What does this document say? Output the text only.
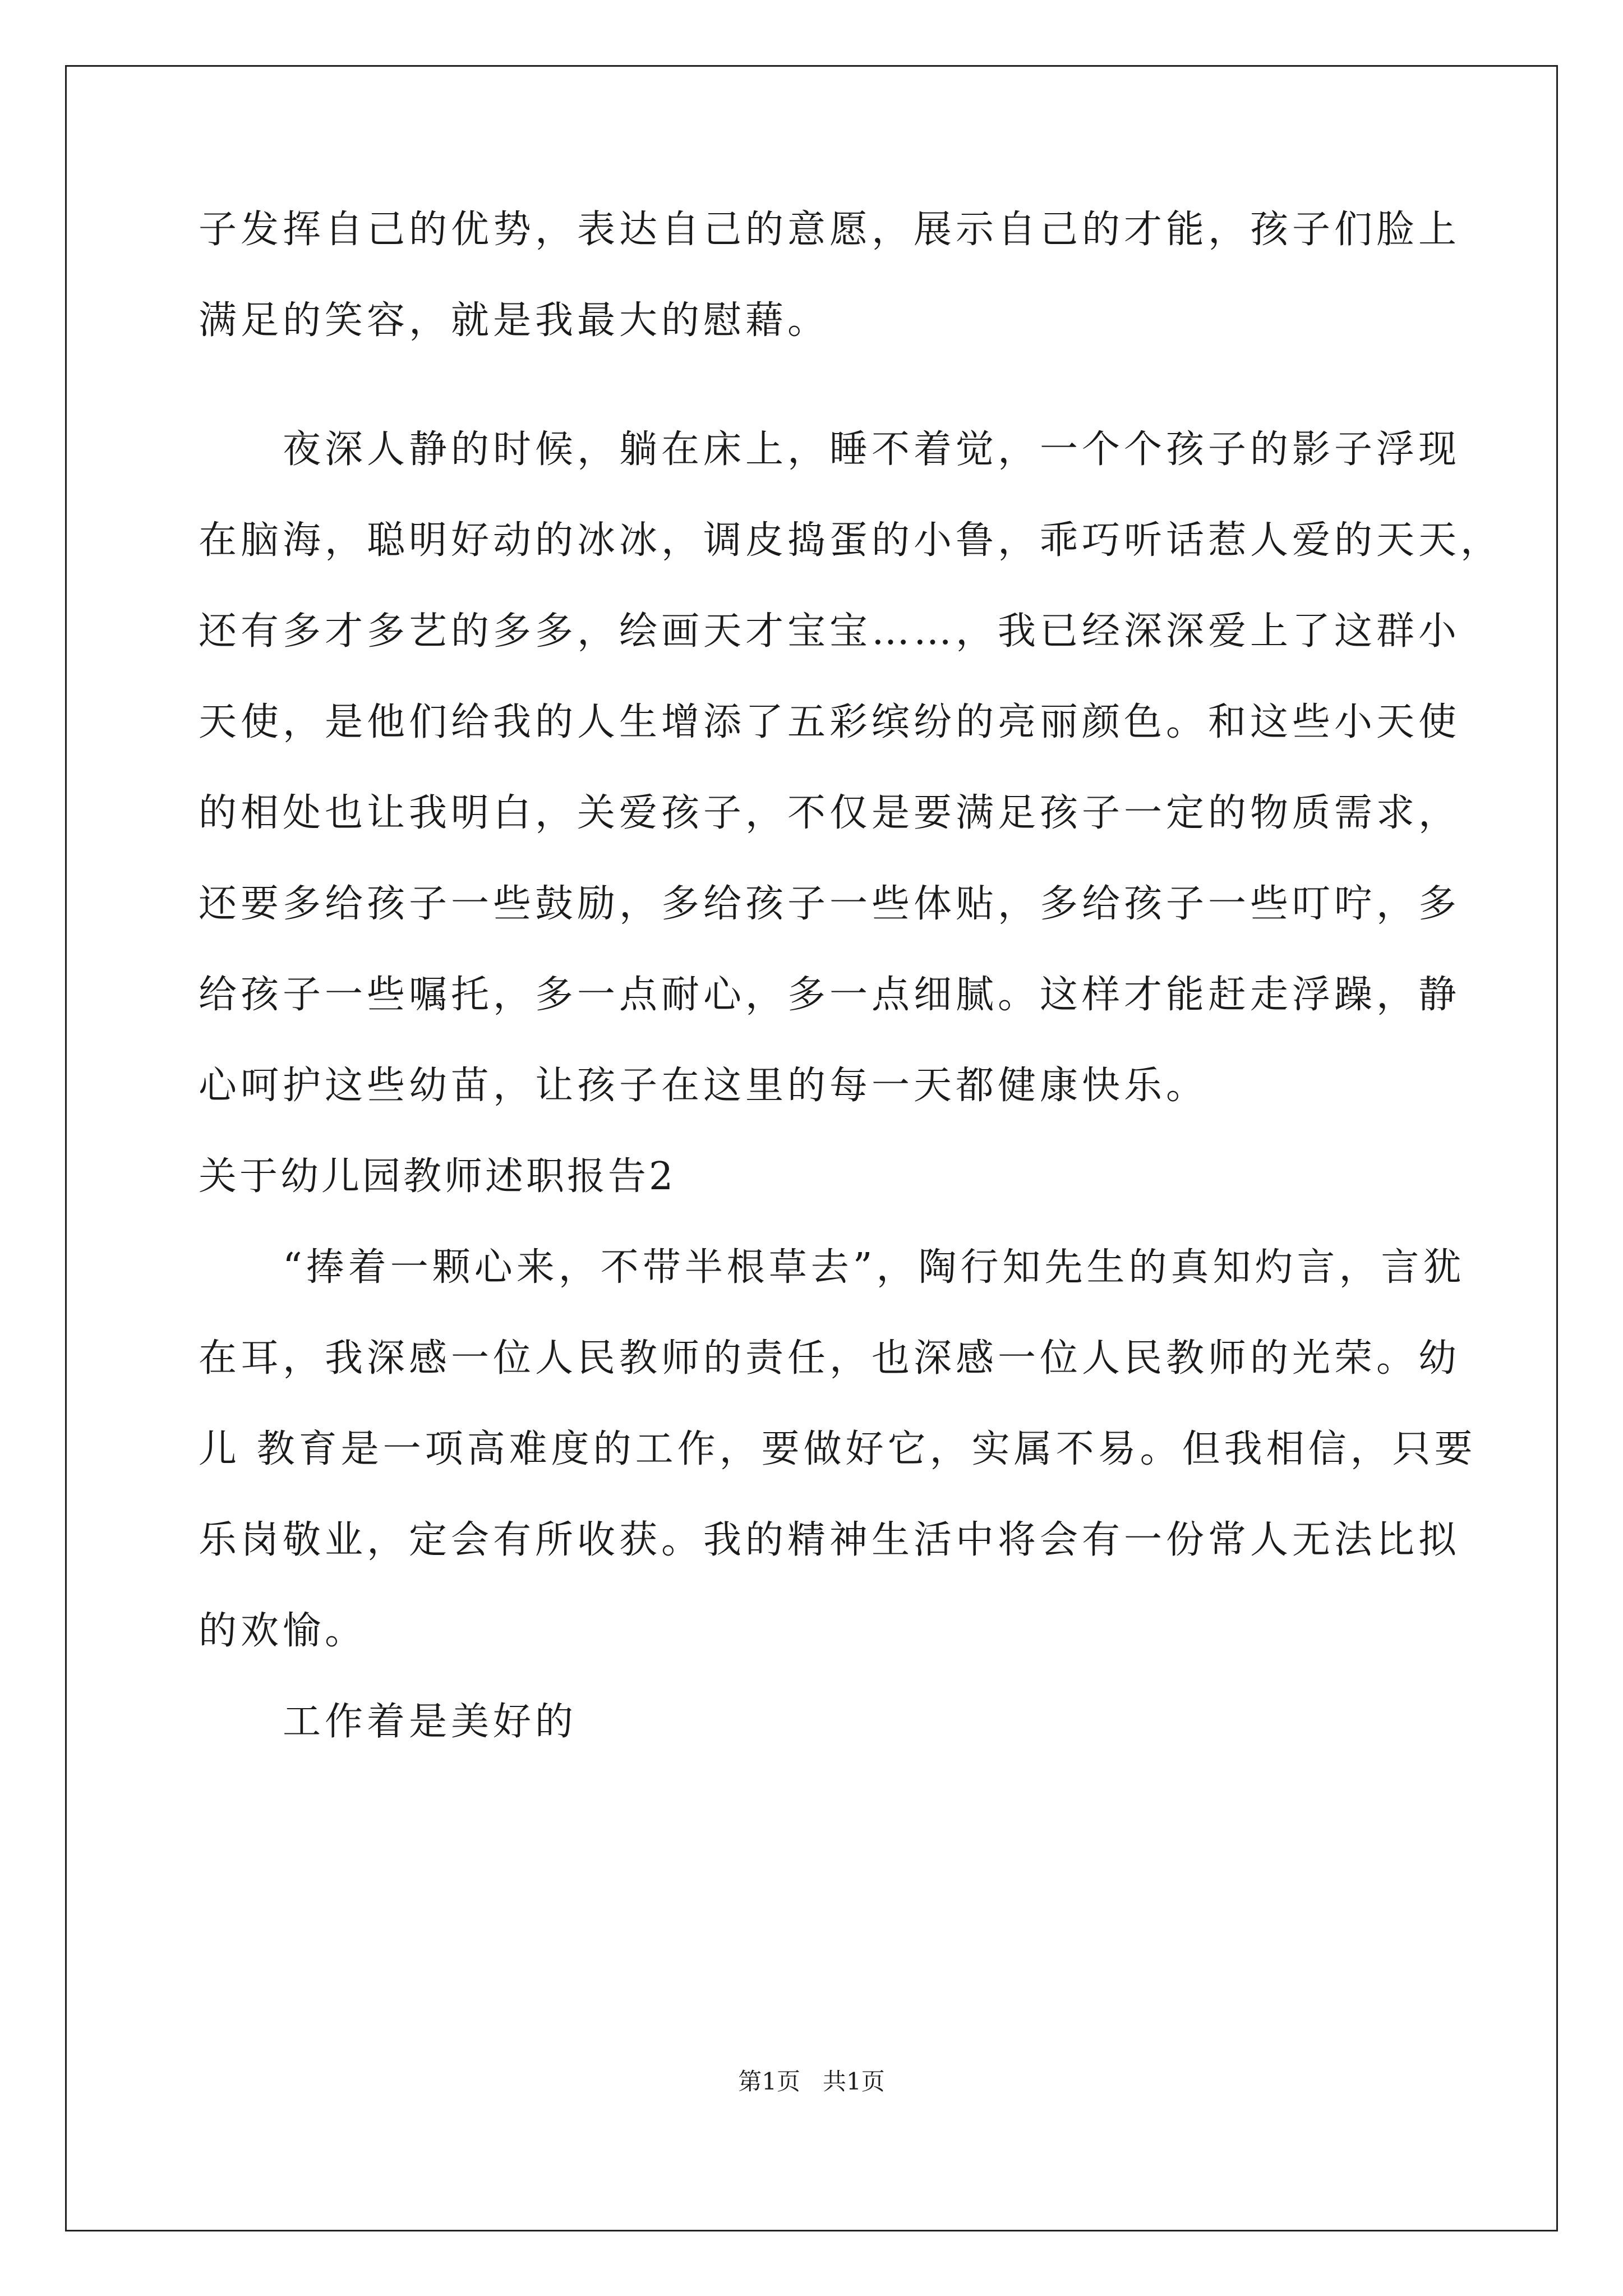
子发挥自己的优势，表达自己的意愿，展示自己的才能，孩子们脸上
满足的笑容，就是我最大的慰藉。
　　夜深人静的时候，躺在床上，睡不着觉，一个个孩子的影子浮现
在脑海，聪明好动的冰冰，调皮捣蛋的小鲁，乖巧听话惹人爱的天天，
还有多才多艺的多多，绘画天才宝宝……，我已经深深爱上了这群小
天使，是他们给我的人生增添了五彩缤纷的亮丽颜色。和这些小天使
的相处也让我明白，关爱孩子，不仅是要满足孩子一定的物质需求，
还要多给孩子一些鼓励，多给孩子一些体贴，多给孩子一些叮咛，多
给孩子一些嘱托，多一点耐心，多一点细腻。这样才能赶走浮躁，静
心呵护这些幼苗，让孩子在这里的每一天都健康快乐。
关于幼儿园教师述职报告2
　　“捧着一颗心来，不带半根草去”，陶行知先生的真知灼言，言犹
在耳，我深感一位人民教师的责任，也深感一位人民教师的光荣。幼
儿 教育是一项高难度的工作，要做好它，实属不易。但我相信，只要
乐岗敬业，定会有所收获。我的精神生活中将会有一份常人无法比拟
的欢愉。
　　工作着是美好的
第1页   共1页
